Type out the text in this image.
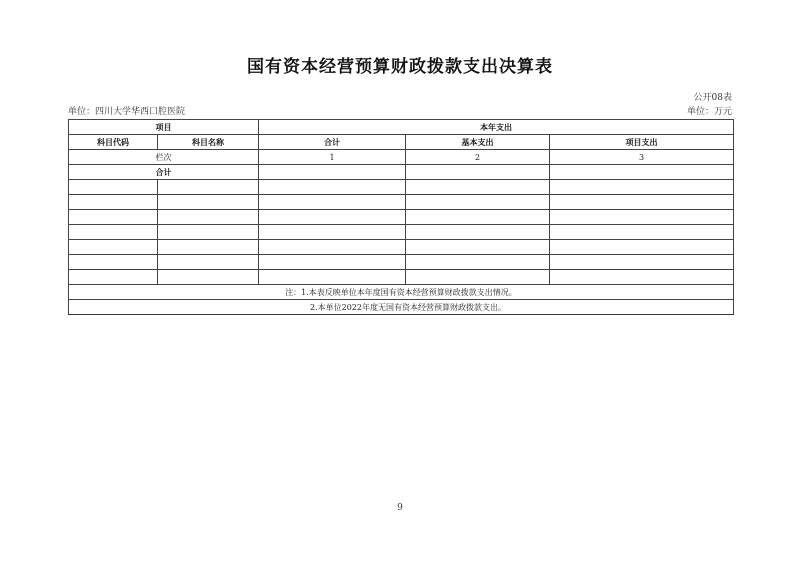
国有资本经营预算财政拨款支出决算表
公开08表
单位：四川大学华西口腔医院	单位：万元
项目		本年支出		
科目代码	科目名称	合计	基本支出	项目支出
栏次		1	2	3
合计				

注：1.本表反映单位本年度国有资本经营预算财政拨款支出情况。				
2.本单位2022年度无国有资本经营预算财政拨款支出。				
9
